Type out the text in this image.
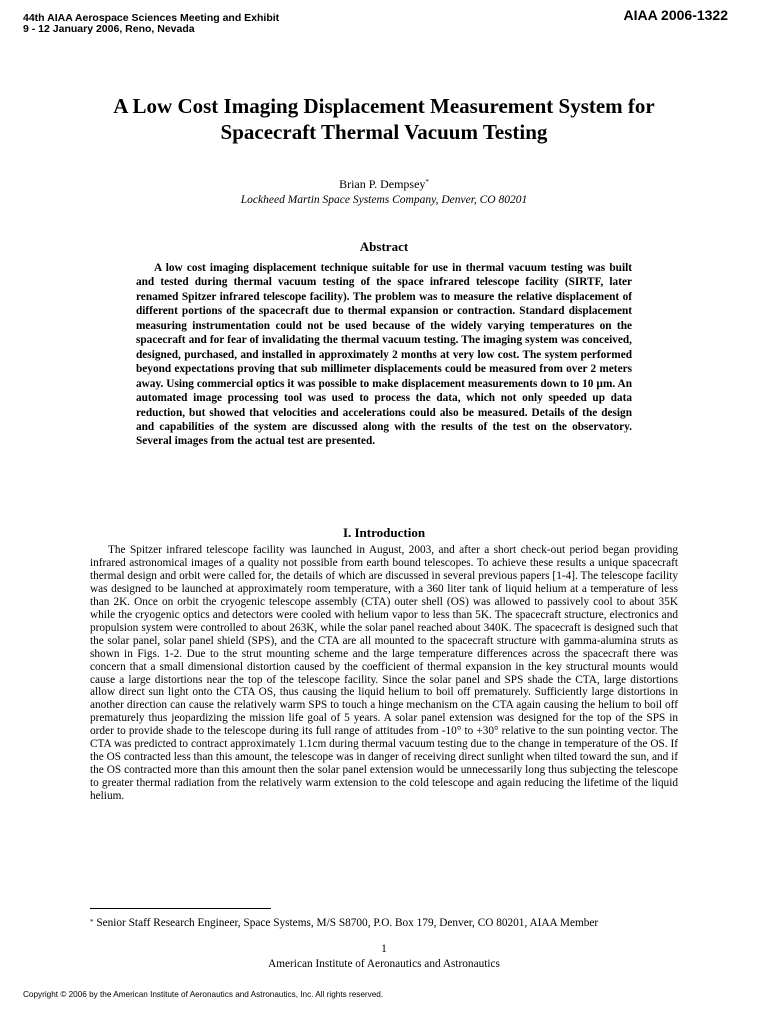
44th AIAA Aerospace Sciences Meeting and Exhibit
9 - 12 January 2006, Reno, Nevada
AIAA 2006-1322
A Low Cost Imaging Displacement Measurement System for
Spacecraft Thermal Vacuum Testing
Brian P. Dempsey*
Lockheed Martin Space Systems Company, Denver, CO 80201
Abstract
A low cost imaging displacement technique suitable for use in thermal vacuum testing was built and tested during thermal vacuum testing of the space infrared telescope facility (SIRTF, later renamed Spitzer infrared telescope facility). The problem was to measure the relative displacement of different portions of the spacecraft due to thermal expansion or contraction. Standard displacement measuring instrumentation could not be used because of the widely varying temperatures on the spacecraft and for fear of invalidating the thermal vacuum testing. The imaging system was conceived, designed, purchased, and installed in approximately 2 months at very low cost. The system performed beyond expectations proving that sub millimeter displacements could be measured from over 2 meters away. Using commercial optics it was possible to make displacement measurements down to 10 µm. An automated image processing tool was used to process the data, which not only speeded up data reduction, but showed that velocities and accelerations could also be measured. Details of the design and capabilities of the system are discussed along with the results of the test on the observatory. Several images from the actual test are presented.
I. Introduction
The Spitzer infrared telescope facility was launched in August, 2003, and after a short check-out period began providing infrared astronomical images of a quality not possible from earth bound telescopes. To achieve these results a unique spacecraft thermal design and orbit were called for, the details of which are discussed in several previous papers [1-4]. The telescope facility was designed to be launched at approximately room temperature, with a 360 liter tank of liquid helium at a temperature of less than 2K. Once on orbit the cryogenic telescope assembly (CTA) outer shell (OS) was allowed to passively cool to about 35K while the cryogenic optics and detectors were cooled with helium vapor to less than 5K. The spacecraft structure, electronics and propulsion system were controlled to about 263K, while the solar panel reached about 340K. The spacecraft is designed such that the solar panel, solar panel shield (SPS), and the CTA are all mounted to the spacecraft structure with gamma-alumina struts as shown in Figs. 1-2. Due to the strut mounting scheme and the large temperature differences across the spacecraft there was concern that a small dimensional distortion caused by the coefficient of thermal expansion in the key structural mounts would cause a large distortions near the top of the telescope facility. Since the solar panel and SPS shade the CTA, large distortions allow direct sun light onto the CTA OS, thus causing the liquid helium to boil off prematurely. Sufficiently large distortions in another direction can cause the relatively warm SPS to touch a hinge mechanism on the CTA again causing the helium to boil off prematurely thus jeopardizing the mission life goal of 5 years. A solar panel extension was designed for the top of the SPS in order to provide shade to the telescope during its full range of attitudes from -10° to +30° relative to the sun pointing vector. The CTA was predicted to contract approximately 1.1cm during thermal vacuum testing due to the change in temperature of the OS. If the OS contracted less than this amount, the telescope was in danger of receiving direct sunlight when tilted toward the sun, and if the OS contracted more than this amount then the solar panel extension would be unnecessarily long thus subjecting the telescope to greater thermal radiation from the relatively warm extension to the cold telescope and again reducing the lifetime of the liquid helium.
* Senior Staff Research Engineer, Space Systems, M/S S8700, P.O. Box 179, Denver, CO 80201, AIAA Member
1
American Institute of Aeronautics and Astronautics
Copyright © 2006 by the American Institute of Aeronautics and Astronautics, Inc. All rights reserved.
